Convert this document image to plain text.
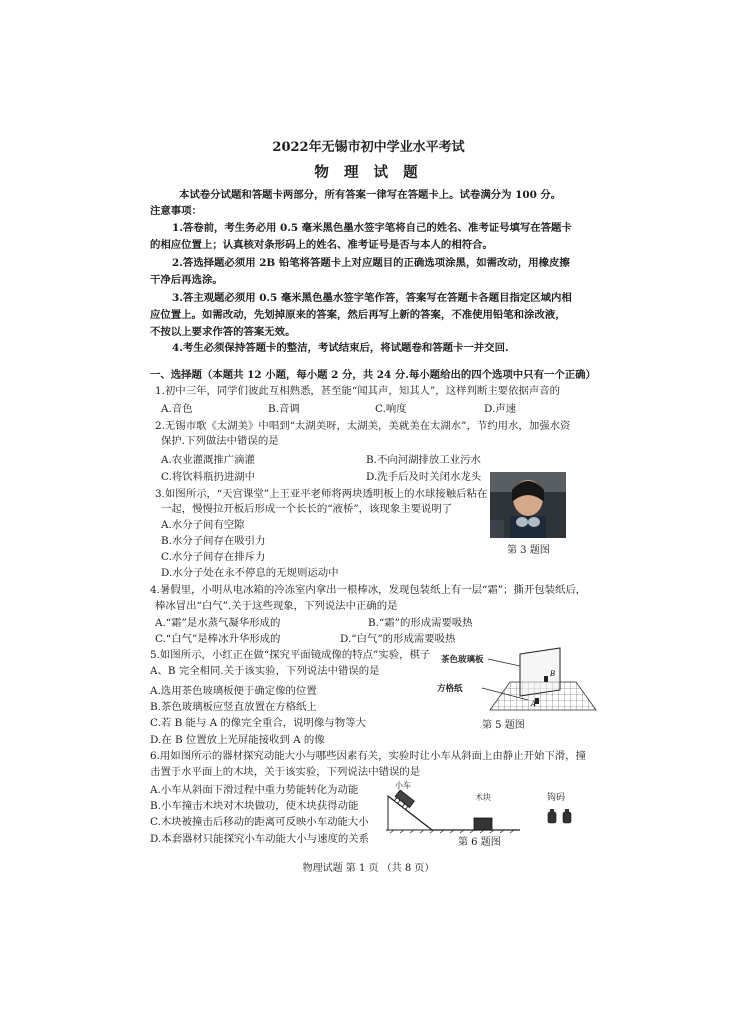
2022年无锡市初中学业水平考试
物 理 试 题
本试卷分试题和答题卡两部分，所有答案一律写在答题卡上。试卷满分为 100 分。
注意事项：
1.答卷前，考生务必用 0.5 毫米黑色墨水签字笔将自己的姓名、准考证号填写在答题卡
的相应位置上；认真核对条形码上的姓名、准考证号是否与本人的相符合。
2.答选择题必须用 2B 铅笔将答题卡上对应题目的正确选项涂黑，如需改动，用橡皮擦
干净后再选涂。
3.答主观题必须用 0.5 毫米黑色墨水签字笔作答，答案写在答题卡各题目指定区域内相
应位置上。如需改动，先划掉原来的答案，然后再写上新的答案，不准使用铅笔和涂改液，
不按以上要求作答的答案无效。
4.考生必须保持答题卡的整洁，考试结束后，将试题卷和答题卡一并交回.
一、选择题（本题共 12 小题，每小题 2 分，共 24 分.每小题给出的四个选项中只有一个正确）
1.初中三年，同学们彼此互相熟悉，甚至能“闻其声，知其人”，这样判断主要依据声音的
A.音色	B.音调	C.响度	D.声速
2.无锡市歌《太湖美》中唱到“太湖美呀，太湖美，美就美在太湖水”，节约用水，加强水资
保护.下列做法中错误的是
A.农业灌溉推广滴灌	B.不向河湖排放工业污水
C.将饮料瓶扔进湖中	D.洗手后及时关闭水龙头
3.如图所示，“天宫课堂”上王亚平老师将两块透明板上的水球接触后粘在
一起，慢慢拉开板后形成一个长长的“液桥”，该现象主要说明了
A.水分子间有空隙
B.水分子间存在吸引力
C.水分子间存在排斥力
D.水分子处在永不停息的无规则运动中
第 3 题图
4.暑假里，小明从电冰箱的冷冻室内拿出一根棒冰，发现包装纸上有一层“霜”；撕开包装纸后，
棒冰冒出“白气”.关于这些现象，下列说法中正确的是
A.“霜”是水蒸气凝华形成的	B.“霜”的形成需要吸热
C.“白气”是棒冰升华形成的	D.“白气”的形成需要吸热
5.如图所示，小红正在做“探究平面镜成像的特点”实验，棋子
A、B 完全相同.关于该实验，下列说法中错误的是
A.选用茶色玻璃板便于确定像的位置
B.茶色玻璃板应竖直放置在方格纸上
C.若 B 能与 A 的像完全重合，说明像与物等大
D.在 B 位置放上光屏能接收到 A 的像
A
B
茶色玻璃板
方格纸
第 5 题图
6.用如图所示的器材探究动能大小与哪些因素有关，实验时让小车从斜面上由静止开始下滑，撞
击置于水平面上的木块，关于该实验，下列说法中错误的是
A.小车从斜面下滑过程中重力势能转化为动能
B.小车撞击木块对木块做功，使木块获得动能
C.木块被撞击后移动的距离可反映小车动能大小
D.本套器材只能探究小车动能大小与速度的关系
小车
木块	钩码
第 6 题图
物理试题 第 1 页 （共 8 页）
